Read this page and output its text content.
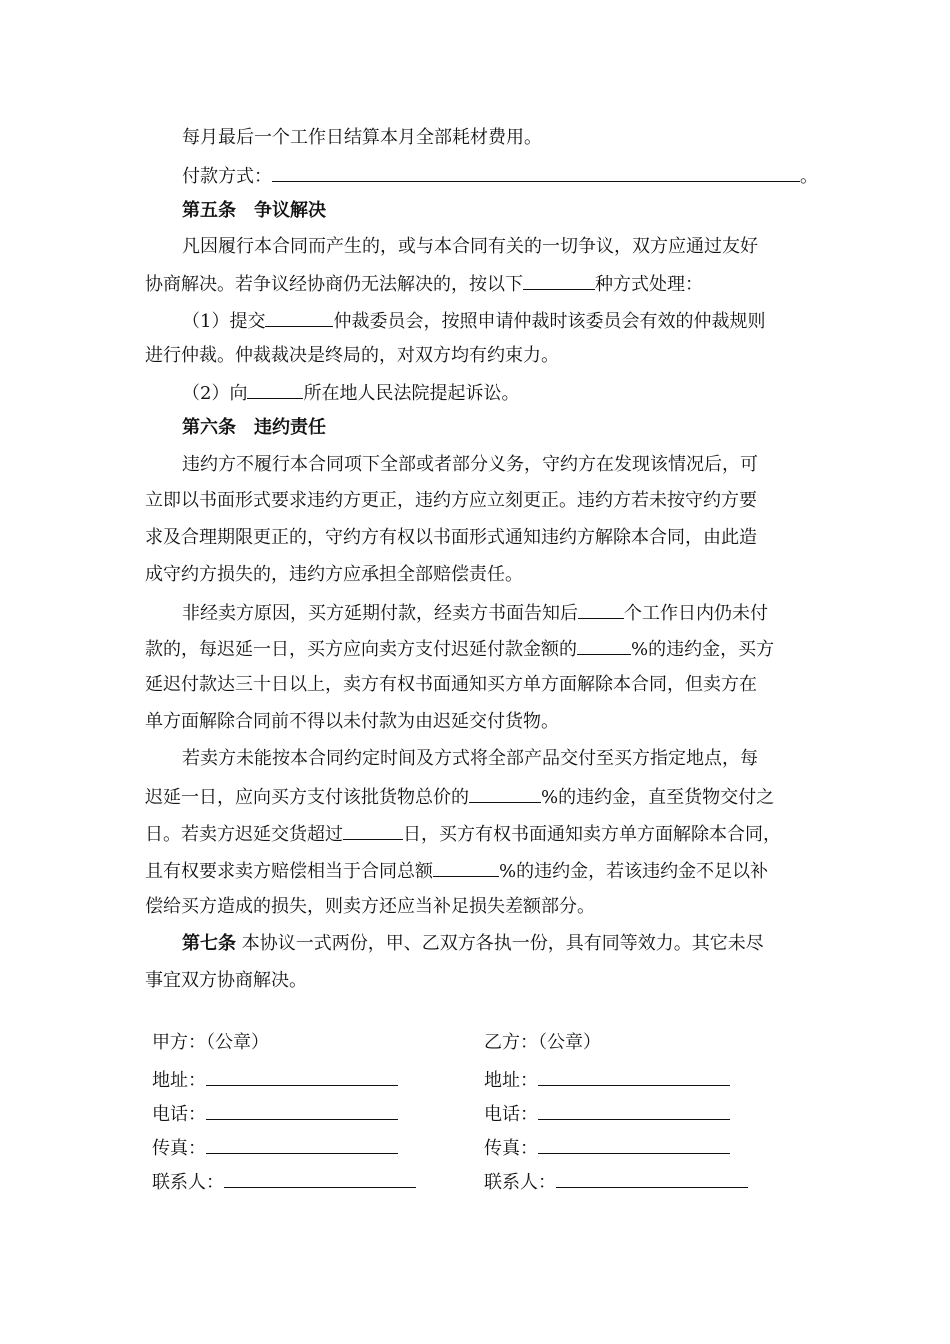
每月最后一个工作日结算本月全部耗材费用。
付款方式：	。
第五条　争议解决
凡因履行本合同而产生的，或与本合同有关的一切争议，双方应通过友好
协商解决。若争议经协商仍无法解决的，按以下	种方式处理：
（1）提交	仲裁委员会，按照申请仲裁时该委员会有效的仲裁规则
进行仲裁。仲裁裁决是终局的，对双方均有约束力。
（2）向	所在地人民法院提起诉讼。
第六条　违约责任
违约方不履行本合同项下全部或者部分义务，守约方在发现该情况后，可
立即以书面形式要求违约方更正，违约方应立刻更正。违约方若未按守约方要
求及合理期限更正的，守约方有权以书面形式通知违约方解除本合同，由此造
成守约方损失的，违约方应承担全部赔偿责任。
非经卖方原因，买方延期付款，经卖方书面告知后	个工作日内仍未付
款的，每迟延一日，买方应向卖方支付迟延付款金额的	%的违约金，买方
延迟付款达三十日以上，卖方有权书面通知买方单方面解除本合同，但卖方在
单方面解除合同前不得以未付款为由迟延交付货物。
若卖方未能按本合同约定时间及方式将全部产品交付至买方指定地点，每
迟延一日，应向买方支付该批货物总价的	%的违约金，直至货物交付之
日。若卖方迟延交货超过	日，买方有权书面通知卖方单方面解除本合同，
且有权要求卖方赔偿相当于合同总额	%的违约金，若该违约金不足以补
偿给买方造成的损失，则卖方还应当补足损失差额部分。
第七条 本协议一式两份，甲、乙双方各执一份，具有同等效力。其它未尽
事宜双方协商解决。
甲方：（公章）
地址：
电话：
传真：
联系人：
乙方：（公章）
地址：
电话：
传真：
联系人：
